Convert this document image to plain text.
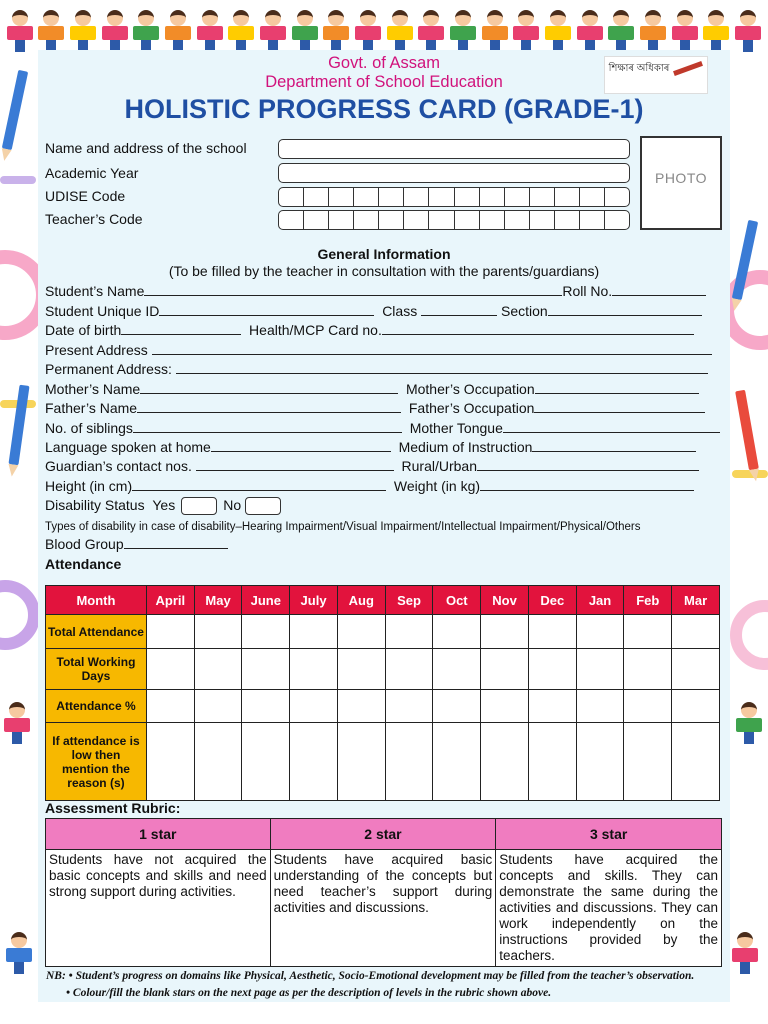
Govt. of Assam
Department of School Education
HOLISTIC PROGRESS CARD (GRADE-1)
শিক্ষাৰ অধিকাৰ
Name and address of the school
Academic Year
UDISE Code
Teacher’s Code
PHOTO
General Information
(To be filled by the teacher in consultation with the parents/guardians)
Student’s Name	Roll No.
Student Unique ID	Class	Section
Date of birth	Health/MCP Card no.
Present Address
Permanent Address:
Mother’s Name	Mother’s Occupation
Father’s Name	Father’s Occupation
No. of siblings	Mother Tongue
Language spoken at home	Medium of Instruction
Guardian’s contact nos.	Rural/Urban
Height (in cm)	Weight (in kg)
Disability Status Yes	No
Types of disability in case of disability–Hearing Impairment/Visual Impairment/Intellectual Impairment/Physical/Others
Blood Group
Attendance
Month	April	May	June	July	Aug	Sep	Oct	Nov	Dec	Jan	Feb	Mar
Total Attendance												
Total Working Days												
Attendance %												
If attendance is low then mention the reason (s)												
Assessment Rubric:
1 star	2 star	3 star
Students have not acquired the basic concepts and skills and need strong support during activities.	Students have acquired basic understanding of the concepts but need teacher’s support during activities and discussions.	Students have acquired the concepts and skills. They can demonstrate the same during the activities and discussions. They can work independently on the instructions provided by the teachers.
NB: • Student’s progress on domains like Physical, Aesthetic, Socio-Emotional development may be filled from the teacher’s observation.
• Colour/fill the blank stars on the next page as per the description of levels in the rubric shown above.
